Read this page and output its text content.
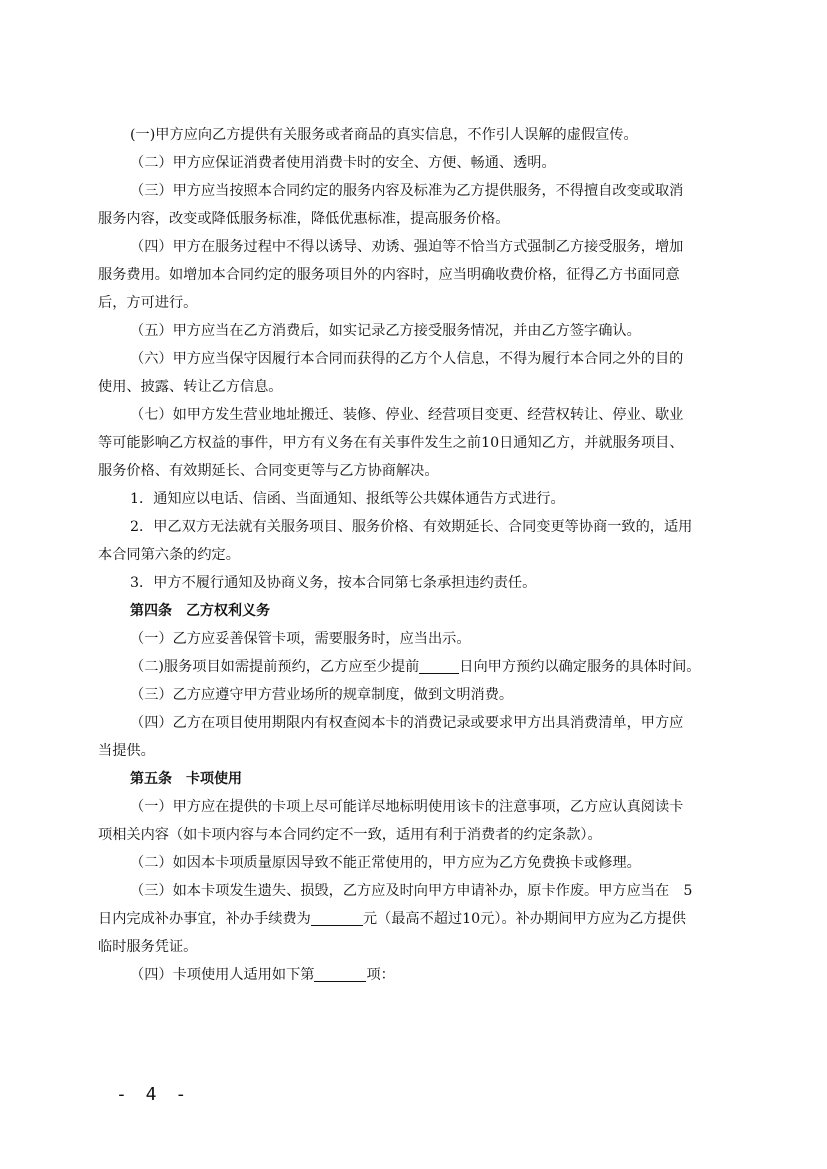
(一)甲方应向乙方提供有关服务或者商品的真实信息，不作引人误解的虚假宣传。
（二）甲方应保证消费者使用消费卡时的安全、方便、畅通、透明。
（三）甲方应当按照本合同约定的服务内容及标准为乙方提供服务，不得擅自改变或取消
服务内容，改变或降低服务标准，降低优惠标准，提高服务价格。
（四）甲方在服务过程中不得以诱导、劝诱、强迫等不恰当方式强制乙方接受服务，增加
服务费用。如增加本合同约定的服务项目外的内容时，应当明确收费价格，征得乙方书面同意
后，方可进行。
（五）甲方应当在乙方消费后，如实记录乙方接受服务情况，并由乙方签字确认。
（六）甲方应当保守因履行本合同而获得的乙方个人信息，不得为履行本合同之外的目的
使用、披露、转让乙方信息。
（七）如甲方发生营业地址搬迁、装修、停业、经营项目变更、经营权转让、停业、歇业
等可能影响乙方权益的事件，甲方有义务在有关事件发生之前10日通知乙方，并就服务项目、
服务价格、有效期延长、合同变更等与乙方协商解决。
1．通知应以电话、信函、当面通知、报纸等公共媒体通告方式进行。
2．甲乙双方无法就有关服务项目、服务价格、有效期延长、合同变更等协商一致的，适用
本合同第六条的约定。
3．甲方不履行通知及协商义务，按本合同第七条承担违约责任。
第四条　乙方权利义务
（一）乙方应妥善保管卡项，需要服务时，应当出示。
（二)服务项目如需提前预约，乙方应至少提前	日向甲方预约以确定服务的具体时间。
（三）乙方应遵守甲方营业场所的规章制度，做到文明消费。
（四）乙方在项目使用期限内有权查阅本卡的消费记录或要求甲方出具消费清单，甲方应
当提供。
第五条　卡项使用
（一）甲方应在提供的卡项上尽可能详尽地标明使用该卡的注意事项，乙方应认真阅读卡
项相关内容（如卡项内容与本合同约定不一致，适用有利于消费者的约定条款）。
（二）如因本卡项质量原因导致不能正常使用的，甲方应为乙方免费换卡或修理。
（三）如本卡项发生遗失、损毁，乙方应及时向甲方申请补办，原卡作废。甲方应当在　5
日内完成补办事宜，补办手续费为	元（最高不超过10元）。补办期间甲方应为乙方提供
临时服务凭证。
（四）卡项使用人适用如下第	项：
- 4 -
